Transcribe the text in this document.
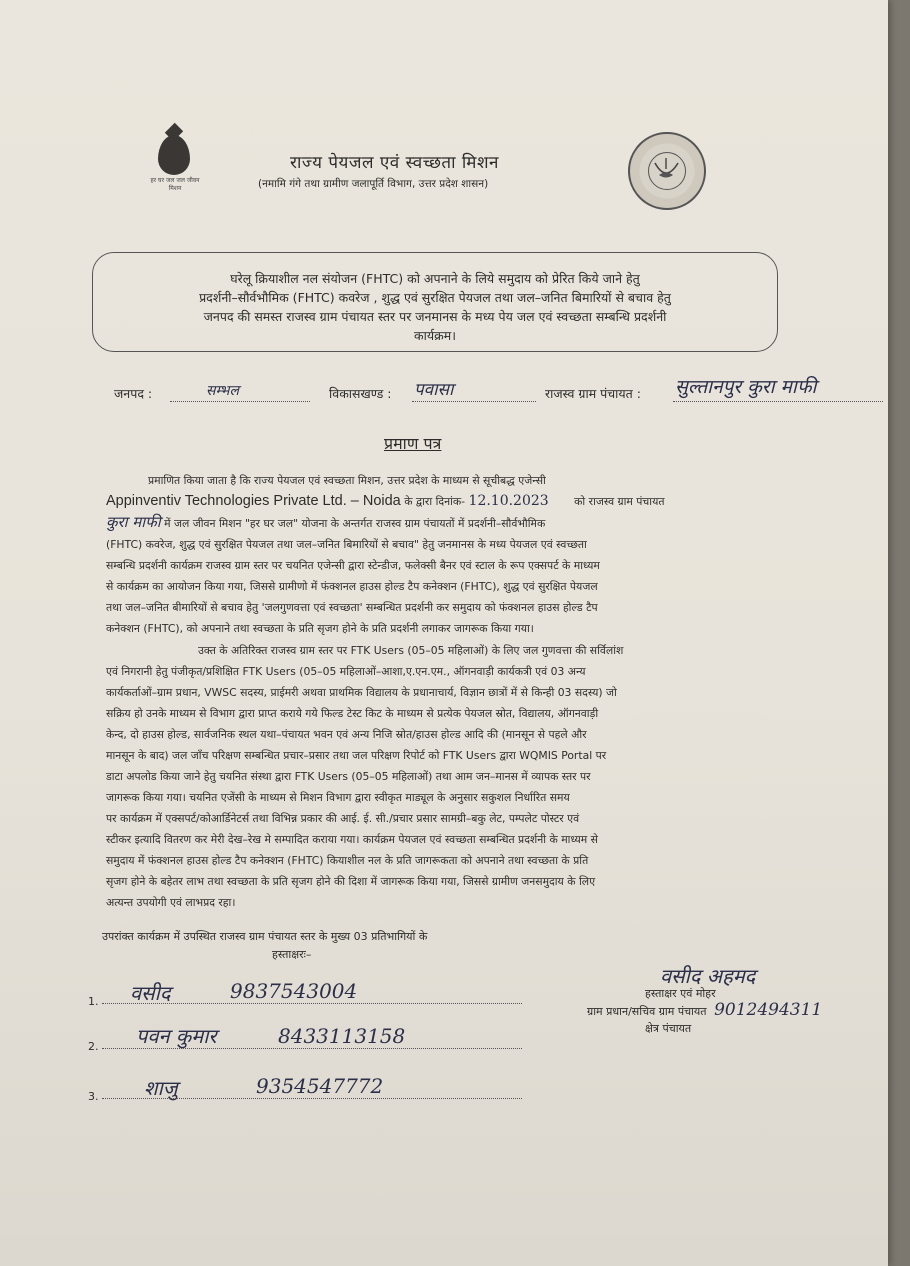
हर घर जल जल जीवन मिशन
राज्य पेयजल एवं स्वच्छता मिशन
(नमामि गंगे तथा ग्रामीण जलापूर्ति विभाग, उत्तर प्रदेश शासन)
घरेलू क्रियाशील नल संयोजन (FHTC) को अपनाने के लिये समुदाय को प्रेरित किये जाने हेतु
प्रदर्शनी–सौर्वभौमिक (FHTC) कवरेज , शुद्ध एवं सुरक्षित पेयजल तथा जल–जनित बिमारियों से बचाव हेतु
जनपद की समस्त राजस्व ग्राम पंचायत स्तर पर जनमानस के मध्य पेय जल एवं स्वच्छता सम्बन्धि प्रदर्शनी
कार्यक्रम।
जनपद :	सम्भल	विकासखण्ड : पवासा	राजस्व ग्राम पंचायत : सुल्तानपुर कुरा माफी
प्रमाण पत्र
प्रमाणित किया जाता है कि राज्य पेयजल एवं स्वच्छता मिशन, उत्तर प्रदेश के माध्यम से सूचीबद्ध एजेन्सी
Appinventiv Technologies Private Ltd. – Noida के द्वारा दिनांक- 12.10.2023 को राजस्व ग्राम पंचायत
कुरा माफी में जल जीवन मिशन "हर घर जल" योजना के अन्तर्गत राजस्व ग्राम पंचायतों में प्रदर्शनी–सौर्वभौमिक
(FHTC) कवरेज, शुद्ध एवं सुरक्षित पेयजल तथा जल–जनित बिमारियों से बचाव" हेतु जनमानस के मध्य पेयजल एवं स्वच्छता
सम्बन्धि प्रदर्शनी कार्यक्रम राजस्व ग्राम स्तर पर चयनित एजेन्सी द्वारा स्टेन्डीज, फलेक्सी बैनर एवं स्टाल के रूप एक्सपर्ट के माध्यम
से कार्यक्रम का आयोजन किया गया, जिससे ग्रामीणो में फंक्शनल हाउस होल्ड टैप कनेक्शन (FHTC), शुद्ध एवं सुरक्षित पेयजल
तथा जल–जनित बीमारियों से बचाव हेतु 'जलगुणवत्ता एवं स्वच्छता' सम्बन्धित प्रदर्शनी कर समुदाय को फंक्शनल हाउस होल्ड टैप
कनेक्शन (FHTC), को अपनाने तथा स्वच्छता के प्रति सृजग होने के प्रति प्रदर्शनी लगाकर जागरूक किया गया।
उक्त के अतिरिक्त राजस्व ग्राम स्तर पर FTK Users (05–05 महिलाओं) के लिए जल गुणवत्ता की सर्विलांश
एवं निगरानी हेतु पंजीकृत/प्रशिक्षित FTK Users (05–05 महिलाओं–आशा,ए.एन.एम., ऑगनवाड़ी कार्यकत्री एवं 03 अन्य
कार्यकर्ताओं–ग्राम प्रधान, VWSC सदस्य, प्राईमरी अथवा प्राथमिक विद्यालय के प्रधानाचार्य, विज्ञान छात्रों में से किन्ही 03 सदस्य) जो
सक्रिय हो उनके माध्यम से विभाग द्वारा प्राप्त कराये गये फिल्ड टेस्ट किट के माध्यम से प्रत्येक पेयजल स्रोत, विद्यालय, ऑगनवाड़ी
केन्द, दो हाउस होल्ड, सार्वजनिक स्थल यथा–पंचायत भवन एवं अन्य निजि स्रोत/हाउस होल्ड आदि की (मानसून से पहले और
मानसून के बाद) जल जाँच परिक्षण सम्बन्धित प्रचार–प्रसार तथा जल परिक्षण रिपोर्ट को FTK Users द्वारा WQMIS Portal पर
डाटा अपलोड किया जाने हेतु चयनित संस्था द्वारा FTK Users (05–05 महिलाओं) तथा आम जन–मानस में व्यापक स्तर पर
जागरूक किया गया। चयनित एजेंसी के माध्यम से मिशन विभाग द्वारा स्वीकृत माड्यूल के अनुसार सकुशल निर्धारित समय
पर कार्यक्रम में एक्सपर्ट/कोआर्डिनेटर्स तथा विभिन्न प्रकार की आई. ई. सी./प्रचार प्रसार सामग्री–बकु लेट, पम्पलेट पोस्टर एवं
स्टीकर इत्यादि वितरण कर मेरी देख–रेख मे सम्पादित कराया गया। कार्यक्रम पेयजल एवं स्वच्छता सम्बन्धित प्रदर्शनी के माध्यम से
समुदाय में फंक्शनल हाउस होल्ड टैप कनेक्शन (FHTC) कियाशील नल के प्रति जागरूकता को अपनाने तथा स्वच्छता के प्रति
सृजग होने के बहेतर लाभ तथा स्वच्छता के प्रति सृजग होने की दिशा में जागरूक किया गया, जिससे ग्रामीण जनसमुदाय के लिए
अत्यन्त उपयोगी एवं लाभप्रद रहा।
उपरांक्त कार्यक्रम में उपस्थित राजस्व ग्राम पंचायत स्तर के मुख्य 03 प्रतिभागियों के
हस्ताक्षरः–
1. वसीद	9837543004
2. पवन कुमार	8433113158
3. शाजु	9354547772
वसीद अहमद
हस्ताक्षर एवं मोहर
ग्राम प्रधान/सचिव ग्राम पंचायत 9012494311
क्षेत्र पंचायत
